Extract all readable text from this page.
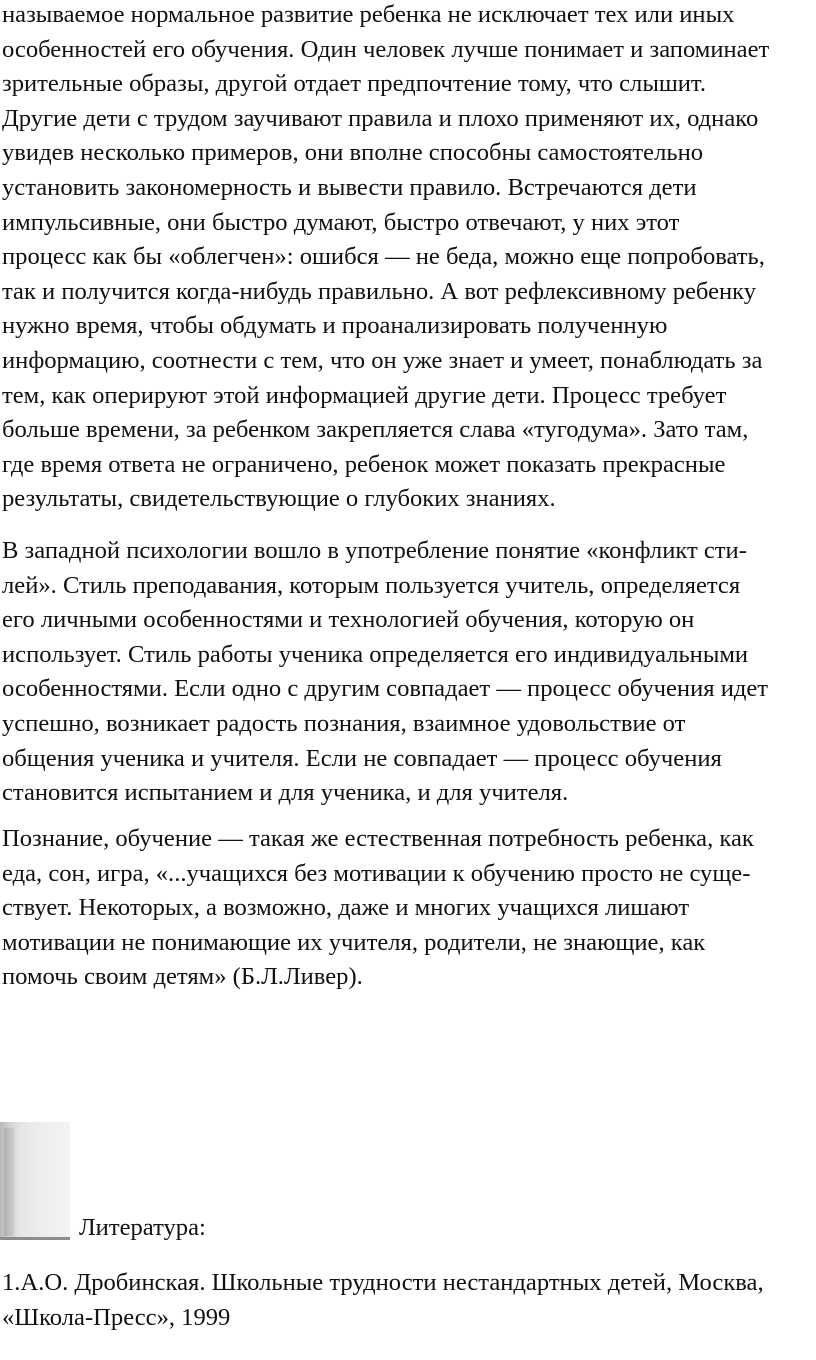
называемое нормальное развитие ребенка не исключает тех или иных
особенностей его обучения. Один человек лучше понимает и запоминает
зрительные образы, другой отдает предпочтение тому, что слышит.
Другие дети с трудом заучивают правила и плохо применяют их, однако
увидев несколько примеров, они вполне способны самостоятельно
установить закономерность и вывести правило. Встречаются дети
импульсивные, они быстро думают, быстро отвечают, у них этот
процесс как бы «облегчен»: ошибся — не беда, можно еще попробовать,
так и получится когда-нибудь правильно. А вот рефлексивному ребенку
нужно время, чтобы обдумать и проанализировать полученную
информацию, соотнести с тем, что он уже знает и умеет, понаблюдать за
тем, как оперируют этой информацией другие дети. Процесс требует
больше времени, за ребенком закрепляется слава «тугодума». Зато там,
где время ответа не ограничено, ребенок может показать прекрасные
результаты, свидетельствующие о глубоких знаниях.

В западной психологии вошло в употребление понятие «конфликт сти-
лей». Стиль преподавания, которым пользуется учитель, определяется
его личными особенностями и технологией обучения, которую он
использует. Стиль работы ученика определяется его индивидуальными
особенностями. Если одно с другим совпадает — процесс обучения идет
успешно, возникает радость познания, взаимное удовольствие от
общения ученика и учителя. Если не совпадает — процесс обучения
становится испытанием и для ученика, и для учителя.

Познание, обучение — такая же естественная потребность ребенка, как
еда, сон, игра, «...учащихся без мотивации к обучению просто не суще-
ствует. Некоторых, а возможно, даже и многих учащихся лишают
мотивации не понимающие их учителя, родители, не знающие, как
помочь своим детям» (Б.Л.Ливер).

Литература:

1.А.О. Дробинская. Школьные трудности нестандартных детей, Москва,
«Школа-Пресс», 1999
